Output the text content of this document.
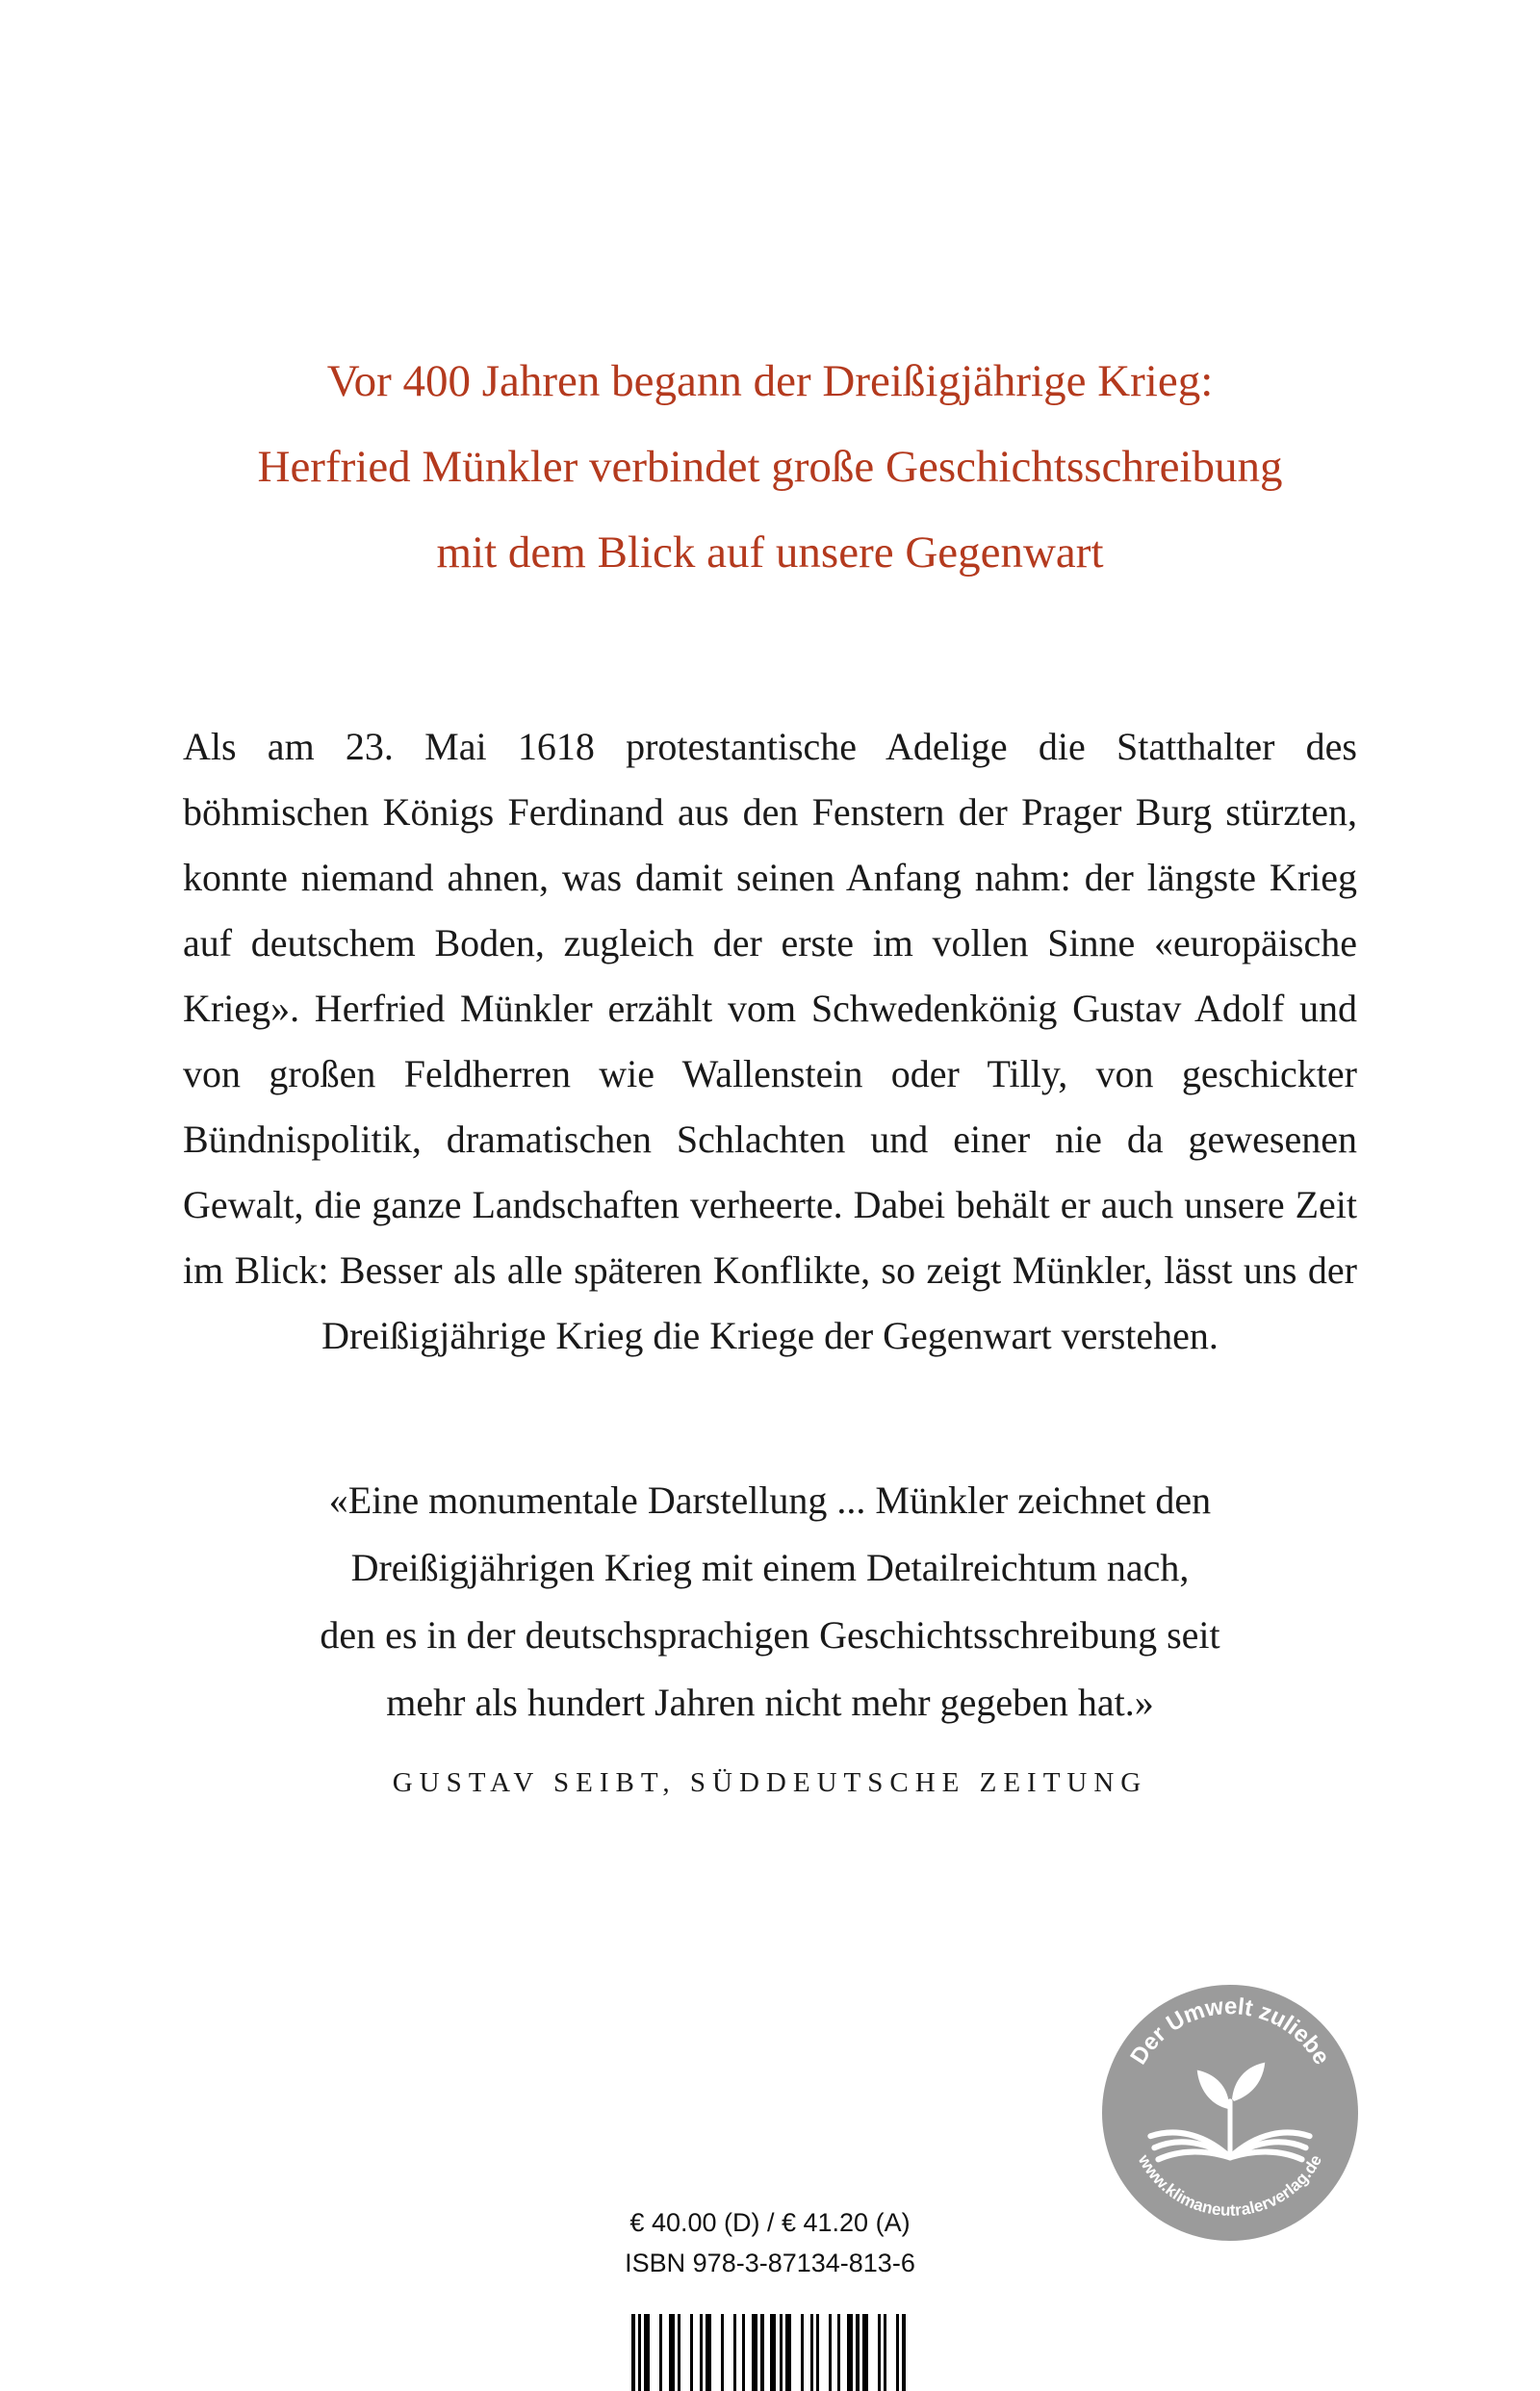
Vor 400 Jahren begann der Dreißigjährige Krieg:
Herfried Münkler verbindet große Geschichtsschreibung
mit dem Blick auf unsere Gegenwart

Als am 23. Mai 1618 protestantische Adelige die Statthalter des böhmischen Königs Ferdinand aus den Fenstern der Prager Burg stürzten, konnte niemand ahnen, was damit seinen Anfang nahm: der längste Krieg auf deutschem Boden, zugleich der erste im vollen Sinne «europäische Krieg». Herfried Münkler erzählt vom Schwedenkönig Gustav Adolf und von großen Feldherren wie Wallenstein oder Tilly, von geschickter Bündnispolitik, dramatischen Schlachten und einer nie da gewesenen Gewalt, die ganze Landschaften verheerte. Dabei behält er auch unsere Zeit im Blick: Besser als alle späteren Konflikte, so zeigt Münkler, lässt uns der Dreißigjährige Krieg die Kriege der Gegenwart verstehen.

«Eine monumentale Darstellung ... Münkler zeichnet den
Dreißigjährigen Krieg mit einem Detailreichtum nach,
den es in der deutschsprachigen Geschichtsschreibung seit
mehr als hundert Jahren nicht mehr gegeben hat.»
GUSTAV SEIBT, SÜDDEUTSCHE ZEITUNG
Der Umwelt zuliebe
www.klimaneutralerverlag.de
€ 40.00 (D) / € 41.20 (A)
ISBN 978-3-87134-813-6
